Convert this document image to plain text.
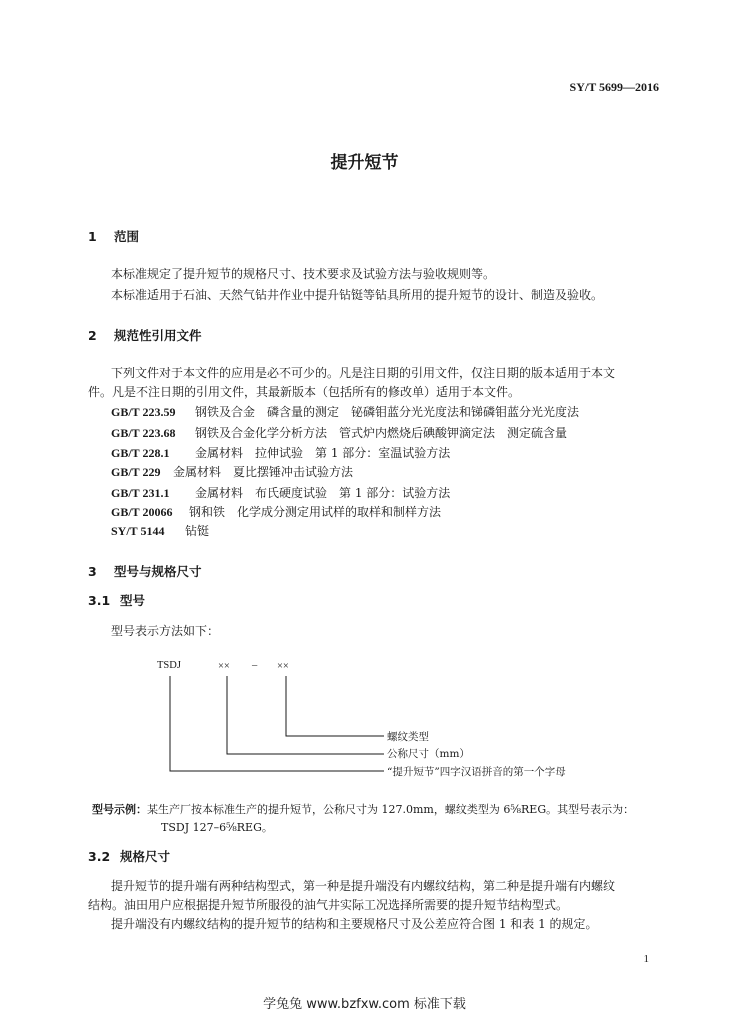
SY/T 5699—2016
提升短节
1 范围
本标准规定了提升短节的规格尺寸、技术要求及试验方法与验收规则等。
本标准适用于石油、天然气钻井作业中提升钻铤等钻具所用的提升短节的设计、制造及验收。
2 规范性引用文件
下列文件对于本文件的应用是必不可少的。凡是注日期的引用文件，仅注日期的版本适用于本文
件。凡是不注日期的引用文件，其最新版本（包括所有的修改单）适用于本文件。
GB/T 223.59　 钢铁及合金　磷含量的测定　铋磷钼蓝分光光度法和锑磷钼蓝分光光度法
GB/T 223.68　 钢铁及合金化学分析方法　管式炉内燃烧后碘酸钾滴定法　测定硫含量
GB/T 228.1　 金属材料　拉伸试验　第 1 部分：室温试验方法
GB/T 229　 金属材料　夏比摆锤冲击试验方法
GB/T 231.1　 金属材料　布氏硬度试验　第 1 部分：试验方法
GB/T 20066　 钢和铁　化学成分测定用试样的取样和制样方法
SY/T 5144　 钻铤
3 型号与规格尺寸
3.1 型号
型号表示方法如下：
TSDJ	×× – ××
螺纹类型
公称尺寸（mm）
“提升短节”四字汉语拼音的第一个字母
型号示例：某生产厂按本标准生产的提升短节，公称尺寸为 127.0mm，螺纹类型为 6⅝REG。其型号表示为：
TSDJ 127–6⅝REG。
3.2 规格尺寸
提升短节的提升端有两种结构型式，第一种是提升端没有内螺纹结构，第二种是提升端有内螺纹
结构。油田用户应根据提升短节所服役的油气井实际工况选择所需要的提升短节结构型式。
提升端没有内螺纹结构的提升短节的结构和主要规格尺寸及公差应符合图 1 和表 1 的规定。
1
学兔兔 www.bzfxw.com 标准下载
